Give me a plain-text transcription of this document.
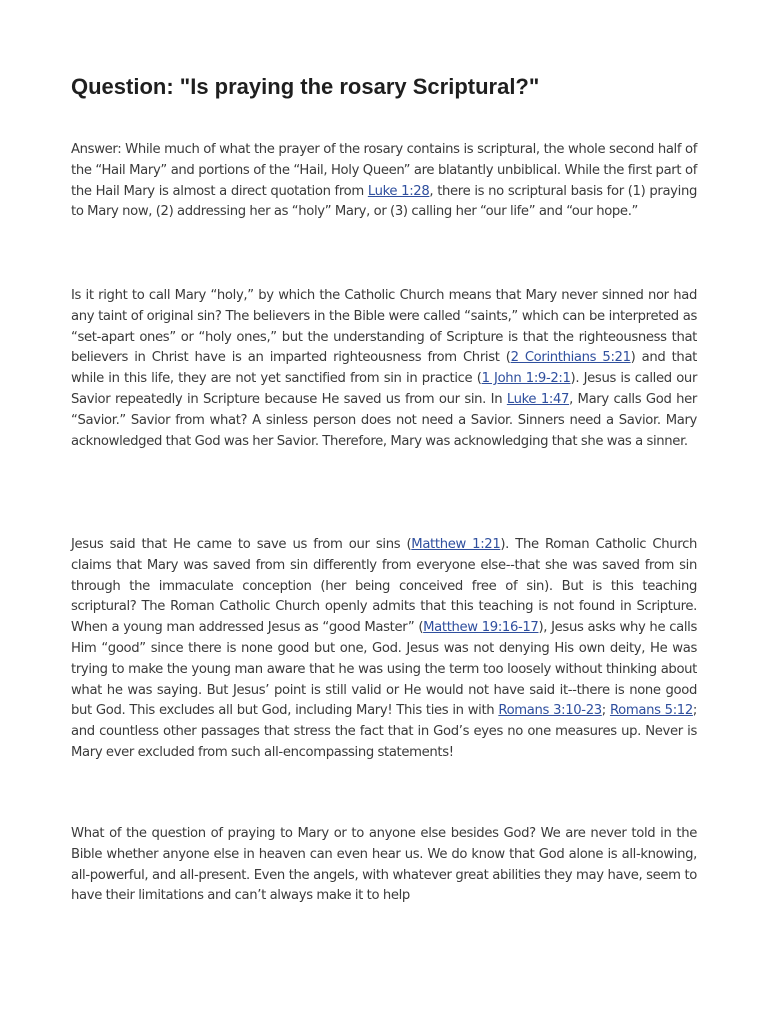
Question: "Is praying the rosary Scriptural?"

Answer: While much of what the prayer of the rosary contains is scriptural, the whole second half of the “Hail Mary” and portions of the “Hail, Holy Queen” are blatantly unbiblical. While the first part of the Hail Mary is almost a direct quotation from Luke 1:28, there is no scriptural basis for (1) praying to Mary now, (2) addressing her as “holy” Mary, or (3) calling her “our life” and “our hope.”

Is it right to call Mary “holy,” by which the Catholic Church means that Mary never sinned nor had any taint of original sin? The believers in the Bible were called “saints,” which can be interpreted as “set-apart ones” or “holy ones,” but the understanding of Scripture is that the righteousness that believers in Christ have is an imparted righteousness from Christ (2 Corinthians 5:21) and that while in this life, they are not yet sanctified from sin in practice (1 John 1:9-2:1). Jesus is called our Savior repeatedly in Scripture because He saved us from our sin. In Luke 1:47, Mary calls God her “Savior.” Savior from what? A sinless person does not need a Savior. Sinners need a Savior. Mary acknowledged that God was her Savior. Therefore, Mary was acknowledging that she was a sinner.

Jesus said that He came to save us from our sins (Matthew 1:21). The Roman Catholic Church claims that Mary was saved from sin differently from everyone else--that she was saved from sin through the immaculate conception (her being conceived free of sin). But is this teaching scriptural? The Roman Catholic Church openly admits that this teaching is not found in Scripture. When a young man addressed Jesus as “good Master” (Matthew 19:16-17), Jesus asks why he calls Him “good” since there is none good but one, God. Jesus was not denying His own deity, He was trying to make the young man aware that he was using the term too loosely without thinking about what he was saying. But Jesus’ point is still valid or He would not have said it--there is none good but God. This excludes all but God, including Mary! This ties in with Romans 3:10-23; Romans 5:12; and countless other passages that stress the fact that in God’s eyes no one measures up. Never is Mary ever excluded from such all-encompassing statements!

What of the question of praying to Mary or to anyone else besides God? We are never told in the Bible whether anyone else in heaven can even hear us. We do know that God alone is all-knowing, all-powerful, and all-present. Even the angels, with whatever great abilities they may have, seem to have their limitations and can’t always make it to help
